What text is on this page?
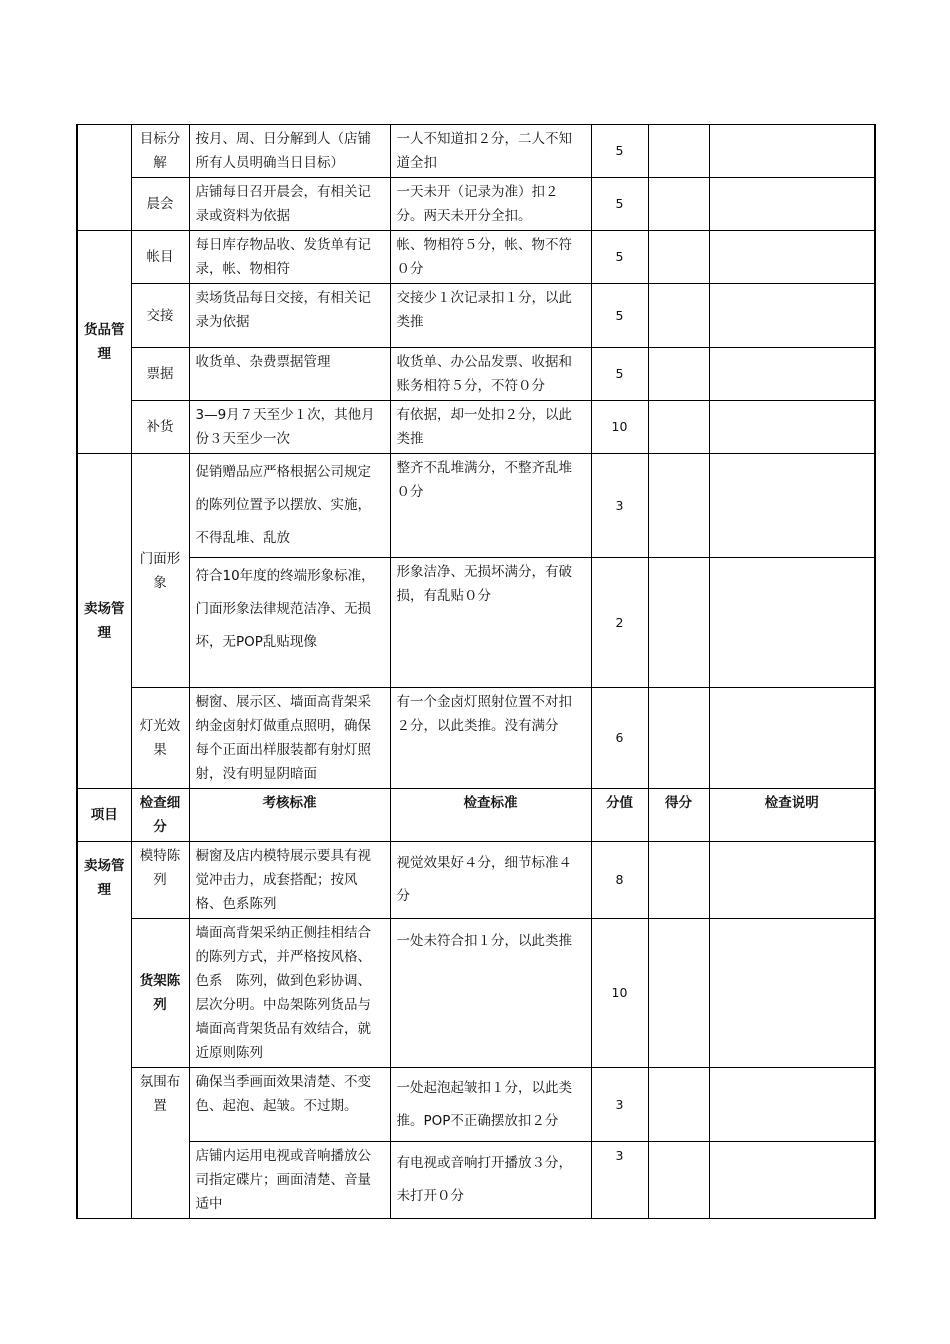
	目标分解	按月、周、日分解到人（店铺所有人员明确当日目标）	一人不知道扣２分，二人不知道全扣	5		
	晨会	店铺每日召开晨会，有相关记录或资料为依据	一天未开（记录为准）扣２分。两天未开分全扣。	5		
货品管理	帐目	每日库存物品收、发货单有记录，帐、物相符	帐、物相符５分，帐、物不符０分	5		
	交接	卖场货品每日交接，有相关记录为依据	交接少１次记录扣１分，以此类推	5		
	票据	收货单、杂费票据管理	收货单、办公品发票、收据和账务相符５分，不符０分	5		
	补货	3—9月７天至少１次，其他月份３天至少一次	有依据，却一处扣２分，以此类推	10		
卖场管理	门面形象	促销赠品应严格根据公司规定的陈列位置予以摆放、实施，不得乱堆、乱放	整齐不乱堆满分，不整齐乱堆０分	3		
		符合10年度的终端形象标准，门面形象法律规范洁净、无损坏，无POP乱贴现像	形象洁净、无损坏满分，有破损，有乱贴０分	2		
	灯光效果	橱窗、展示区、墙面高背架采纳金卤射灯做重点照明，确保每个正面出样服装都有射灯照射，没有明显阴暗面	有一个金卤灯照射位置不对扣２分，以此类推。没有满分	6		
项目	检查细分	考核标准	检查标准	分值	得分	检查说明
卖场管理	模特陈列	橱窗及店内模特展示要具有视觉冲击力，成套搭配；按风格、色系陈列	视觉效果好４分，细节标准４分	8		
	货架陈列	墙面高背架采纳正侧挂相结合的陈列方式，并严格按风格、色系　陈列，做到色彩协调、层次分明。中岛架陈列货品与墙面高背架货品有效结合，就近原则陈列	一处未符合扣１分，以此类推	10		
	氛围布置	确保当季画面效果清楚、不变色、起泡、起皱。不过期。	一处起泡起皱扣１分，以此类推。POP不正确摆放扣２分	3		
		店铺内运用电视或音响播放公司指定碟片；画面清楚、音量适中	有电视或音响打开播放３分，未打开０分	3		
